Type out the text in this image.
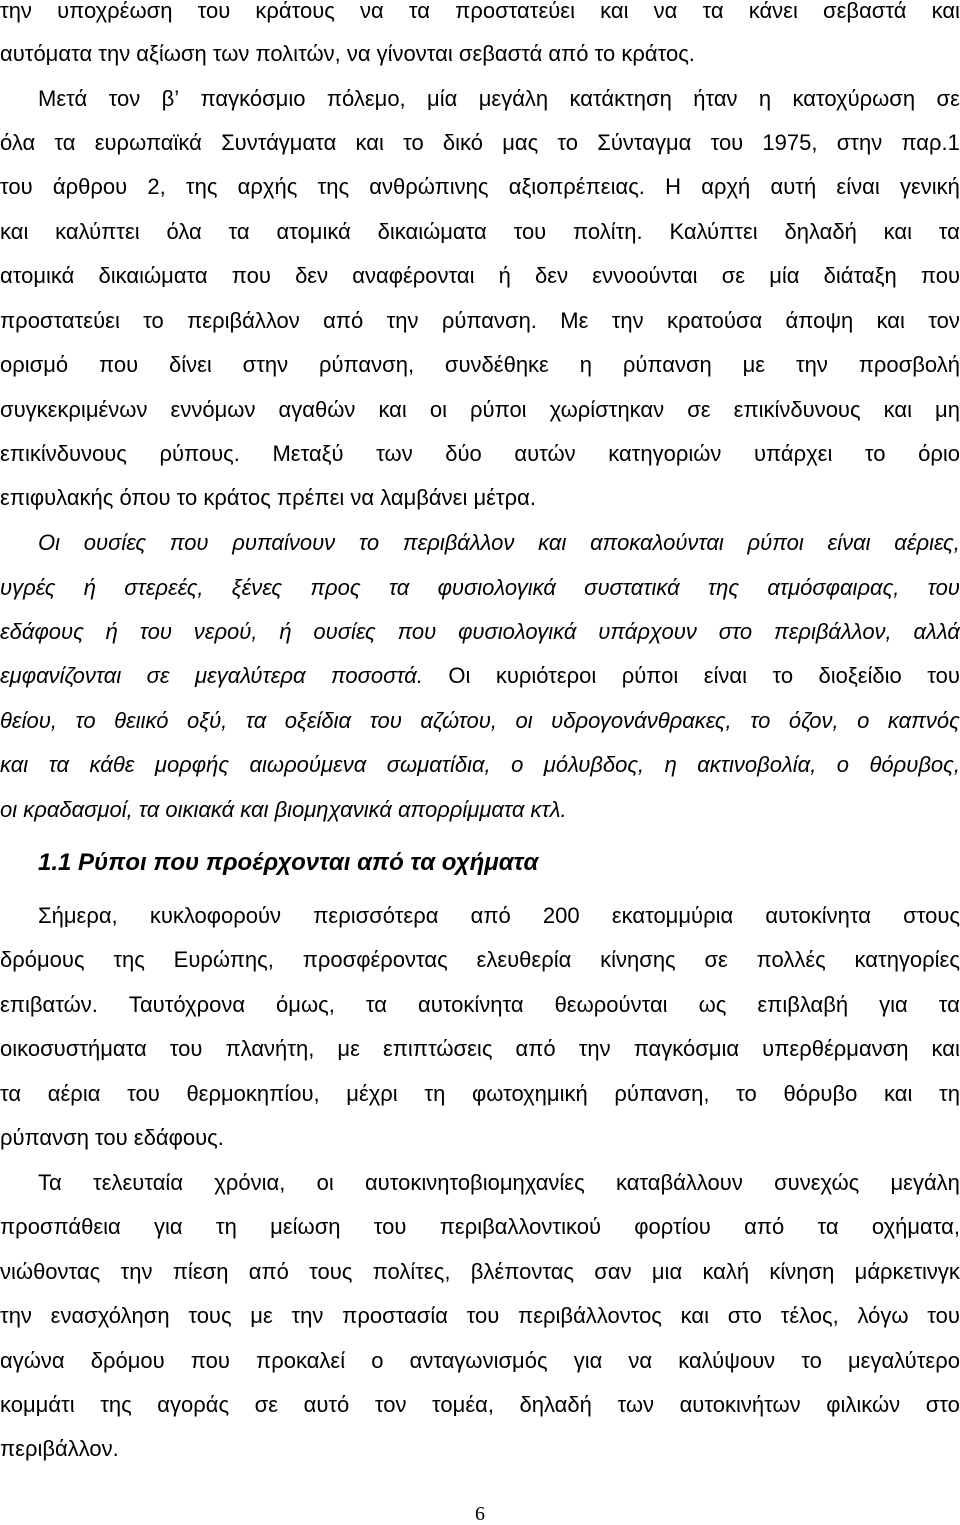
την υποχρέωση του κράτους να τα προστατεύει και να τα κάνει σεβαστά και
αυτόματα την αξίωση των πολιτών, να γίνονται σεβαστά από το κράτος.
Μετά τον β’ παγκόσμιο πόλεμο, μία μεγάλη κατάκτηση ήταν η κατοχύρωση σε
όλα τα ευρωπαϊκά Συντάγματα και το δικό μας το Σύνταγμα του 1975, στην παρ.1
του άρθρου 2, της αρχής της ανθρώπινης αξιοπρέπειας. Η αρχή αυτή είναι γενική
και καλύπτει όλα τα ατομικά δικαιώματα του πολίτη. Καλύπτει δηλαδή και τα
ατομικά δικαιώματα που δεν αναφέρονται ή δεν εννοούνται σε μία διάταξη που
προστατεύει το περιβάλλον από την ρύπανση. Με την κρατούσα άποψη και τον
ορισμό που δίνει στην ρύπανση, συνδέθηκε η ρύπανση με την προσβολή
συγκεκριμένων εννόμων αγαθών και οι ρύποι χωρίστηκαν σε επικίνδυνους και μη
επικίνδυνους ρύπους. Μεταξύ των δύο αυτών κατηγοριών υπάρχει το όριο
επιφυλακής όπου το κράτος πρέπει να λαμβάνει μέτρα.
Οι ουσίες που ρυπαίνουν το περιβάλλον και αποκαλούνται ρύποι είναι αέριες,
υγρές ή στερεές, ξένες προς τα φυσιολογικά συστατικά της ατμόσφαιρας, του
εδάφους ή του νερού, ή ουσίες που φυσιολογικά υπάρχουν στο περιβάλλον, αλλά
εμφανίζονται σε μεγαλύτερα ποσοστά. Οι κυριότεροι ρύποι είναι το διοξείδιο του
θείου, το θειικό οξύ, τα οξείδια του αζώτου, οι υδρογονάνθρακες, το όζον, ο καπνός
και τα κάθε μορφής αιωρούμενα σωματίδια, ο μόλυβδος, η ακτινοβολία, ο θόρυβος,
οι κραδασμοί, τα οικιακά και βιομηχανικά απορρίμματα κτλ.
1.1 Ρύποι που προέρχονται από τα οχήματα
Σήμερα, κυκλοφορούν περισσότερα από 200 εκατομμύρια αυτοκίνητα στους
δρόμους της Ευρώπης, προσφέροντας ελευθερία κίνησης σε πολλές κατηγορίες
επιβατών. Ταυτόχρονα όμως, τα αυτοκίνητα θεωρούνται ως επιβλαβή για τα
οικοσυστήματα του πλανήτη, με επιπτώσεις από την παγκόσμια υπερθέρμανση και
τα αέρια του θερμοκηπίου, μέχρι τη φωτοχημική ρύπανση, το θόρυβο και τη
ρύπανση του εδάφους.
Τα τελευταία χρόνια, οι αυτοκινητοβιομηχανίες καταβάλλουν συνεχώς μεγάλη
προσπάθεια για τη μείωση του περιβαλλοντικού φορτίου από τα οχήματα,
νιώθοντας την πίεση από τους πολίτες, βλέποντας σαν μια καλή κίνηση μάρκετινγκ
την ενασχόληση τους με την προστασία του περιβάλλοντος και στο τέλος, λόγω του
αγώνα δρόμου που προκαλεί ο ανταγωνισμός για να καλύψουν το μεγαλύτερο
κομμάτι της αγοράς σε αυτό τον τομέα, δηλαδή των αυτοκινήτων φιλικών στο
περιβάλλον.
6
